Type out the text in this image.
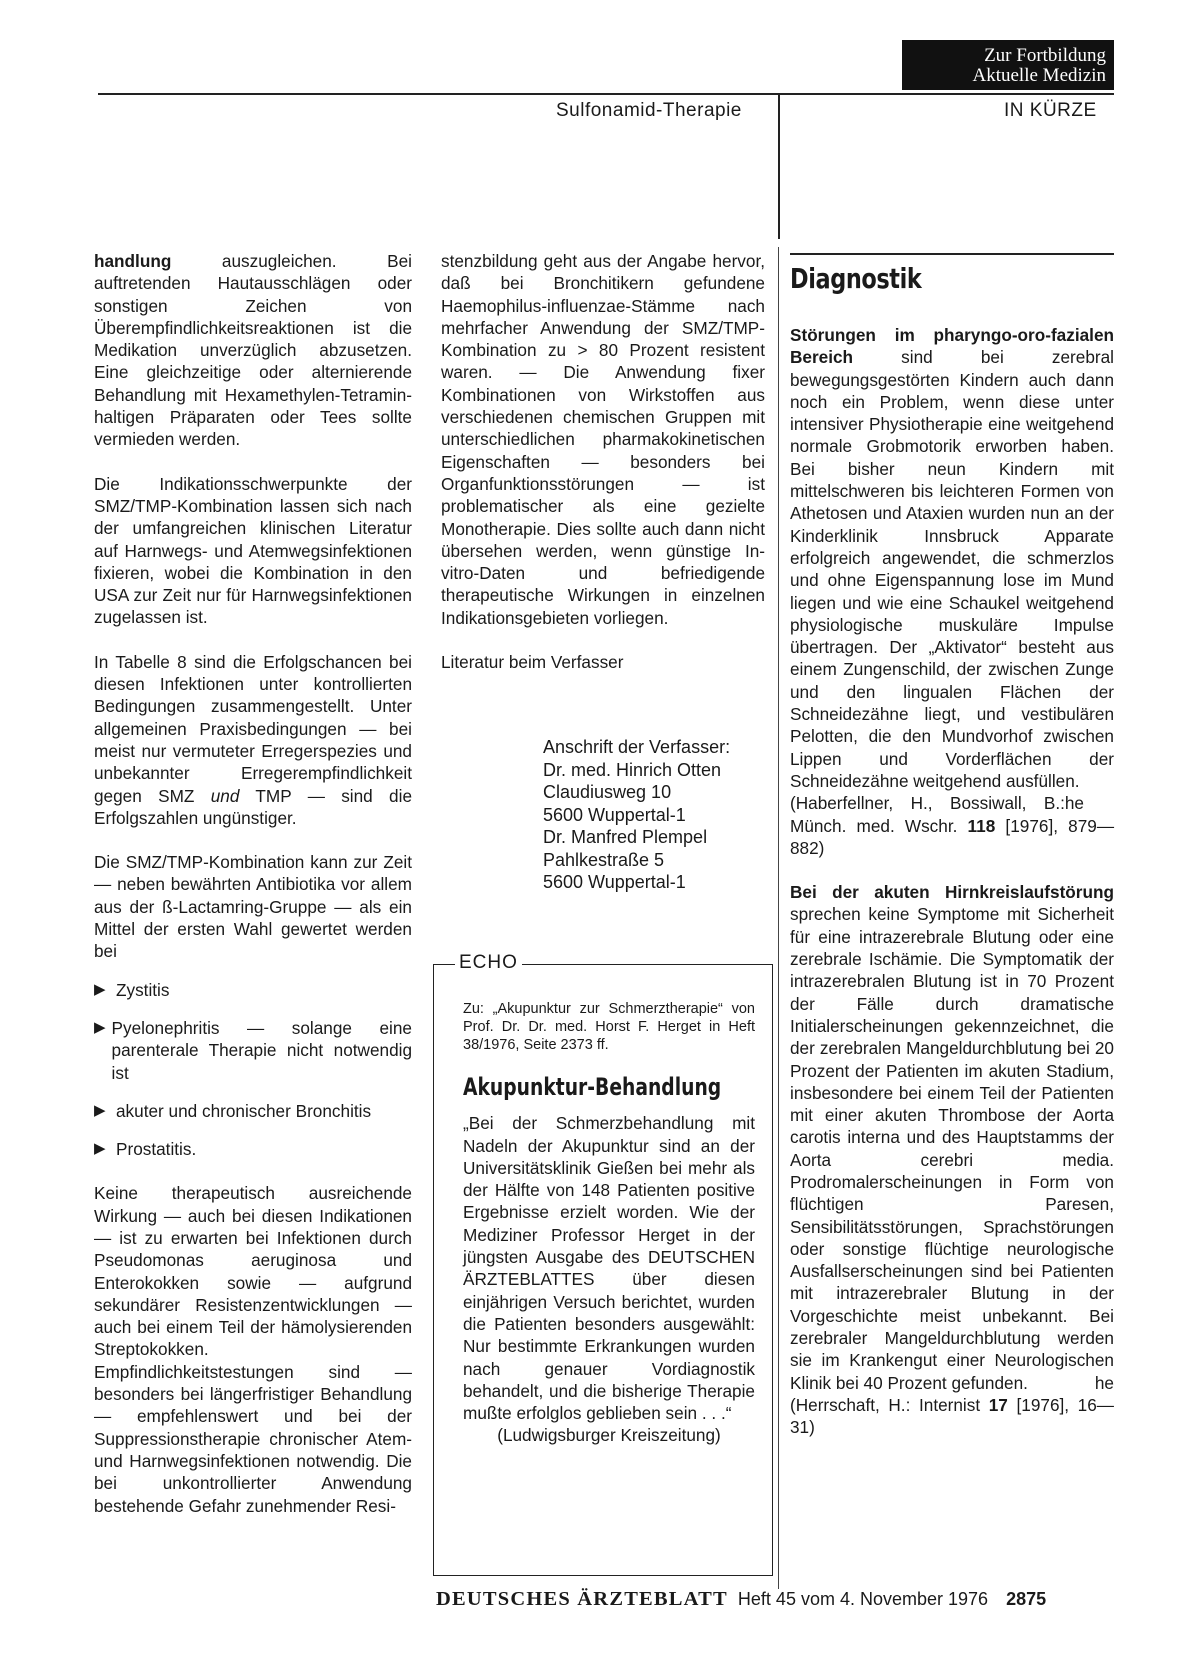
Zur Fortbildung
Aktuelle Medizin
Sulfonamid-Therapie	IN KÜRZE

handlung auszugleichen. Bei auftretenden Hautausschlägen oder sonstigen Zeichen von Überempfindlichkeitsreaktionen ist die Medikation unverzüglich abzusetzen. Eine gleichzeitige oder alternierende Behandlung mit Hexamethylen-Tetramin-haltigen Präparaten oder Tees sollte vermieden werden.

Die Indikationsschwerpunkte der SMZ/TMP-Kombination lassen sich nach der umfangreichen klinischen Literatur auf Harnwegs- und Atemwegsinfektionen fixieren, wobei die Kombination in den USA zur Zeit nur für Harnwegsinfektionen zugelassen ist.

In Tabelle 8 sind die Erfolgschancen bei diesen Infektionen unter kontrollierten Bedingungen zusammengestellt. Unter allgemeinen Praxisbedingungen — bei meist nur vermuteter Erregerspezies und unbekannter Erregerempfindlichkeit gegen SMZ und TMP — sind die Erfolgszahlen ungünstiger.

Die SMZ/TMP-Kombination kann zur Zeit — neben bewährten Antibiotika vor allem aus der ß-Lactamring-Gruppe — als ein Mittel der ersten Wahl gewertet werden bei

▶ Zystitis
▶ Pyelonephritis — solange eine parenterale Therapie nicht notwendig ist
▶ akuter und chronischer Bronchitis
▶ Prostatitis.

Keine therapeutisch ausreichende Wirkung — auch bei diesen Indikationen — ist zu erwarten bei Infektionen durch Pseudomonas aeruginosa und Enterokokken sowie — aufgrund sekundärer Resistenzentwicklungen — auch bei einem Teil der hämolysierenden Streptokokken. Empfindlichkeitstestungen sind — besonders bei längerfristiger Behandlung — empfehlenswert und bei der Suppressionstherapie chronischer Atem- und Harnwegsinfektionen notwendig. Die bei unkontrollierter Anwendung bestehende Gefahr zunehmender Resi-

stenzbildung geht aus der Angabe hervor, daß bei Bronchitikern gefundene Haemophilus-influenzae-Stämme nach mehrfacher Anwendung der SMZ/TMP-Kombination zu > 80 Prozent resistent waren. — Die Anwendung fixer Kombinationen von Wirkstoffen aus verschiedenen chemischen Gruppen mit unterschiedlichen pharmakokinetischen Eigenschaften — besonders bei Organfunktionsstörungen — ist problematischer als eine gezielte Monotherapie. Dies sollte auch dann nicht übersehen werden, wenn günstige In-vitro-Daten und befriedigende therapeutische Wirkungen in einzelnen Indikationsgebieten vorliegen.

Literatur beim Verfasser

Anschrift der Verfasser:
Dr. med. Hinrich Otten
Claudiusweg 10
5600 Wuppertal-1
Dr. Manfred Plempel
Pahlkestraße 5
5600 Wuppertal-1
ECHO

Zu: „Akupunktur zur Schmerztherapie“ von Prof. Dr. Dr. med. Horst F. Herget in Heft 38/1976, Seite 2373 ff.

Akupunktur-Behandlung

„Bei der Schmerzbehandlung mit Nadeln der Akupunktur sind an der Universitätsklinik Gießen bei mehr als der Hälfte von 148 Patienten positive Ergebnisse erzielt worden. Wie der Mediziner Professor Herget in der jüngsten Ausgabe des DEUTSCHEN ÄRZTEBLATTES über diesen einjährigen Versuch berichtet, wurden die Patienten besonders ausgewählt: Nur bestimmte Erkrankungen wurden nach genauer Vordiagnostik behandelt, und die bisherige Therapie mußte erfolglos geblieben sein . . .“

(Ludwigsburger Kreiszeitung)

Diagnostik

Störungen im pharyngo-oro-fazialen Bereich sind bei zerebral bewegungsgestörten Kindern auch dann noch ein Problem, wenn diese unter intensiver Physiotherapie eine weitgehend normale Grobmotorik erworben haben. Bei bisher neun Kindern mit mittelschweren bis leichteren Formen von Athetosen und Ataxien wurden nun an der Kinderklinik Innsbruck Apparate erfolgreich angewendet, die schmerzlos und ohne Eigenspannung lose im Mund liegen und wie eine Schaukel weitgehend physiologische muskuläre Impulse übertragen. Der „Aktivator“ besteht aus einem Zungenschild, der zwischen Zunge und den lingualen Flächen der Schneidezähne liegt, und vestibulären Pelotten, die den Mundvorhof zwischen Lippen und Vorderflächen der Schneidezähne weitgehend ausfüllen.
he

(Haberfellner, H., Bossiwall, B.: Münch. med. Wschr. 118 [1976], 879—882)

Bei der akuten Hirnkreislaufstörung sprechen keine Symptome mit Sicherheit für eine intrazerebrale Blutung oder eine zerebrale Ischämie. Die Symptomatik der intrazerebralen Blutung ist in 70 Prozent der Fälle durch dramatische Initialerscheinungen gekennzeichnet, die der zerebralen Mangeldurchblutung bei 20 Prozent der Patienten im akuten Stadium, insbesondere bei einem Teil der Patienten mit einer akuten Thrombose der Aorta carotis interna und des Hauptstamms der Aorta cerebri media. Prodromalerscheinungen in Form von flüchtigen Paresen, Sensibilitätsstörungen, Sprachstörungen oder sonstige flüchtige neurologische Ausfallserscheinungen sind bei Patienten mit intrazerebraler Blutung in der Vorgeschichte meist unbekannt. Bei zerebraler Mangeldurchblutung werden sie im Krankengut einer Neurologischen Klinik bei 40 Prozent gefunden.	he

(Herrschaft, H.: Internist 17 [1976], 16—31)

DEUTSCHES ÄRZTEBLATT Heft 45 vom 4. November 1976 2875
